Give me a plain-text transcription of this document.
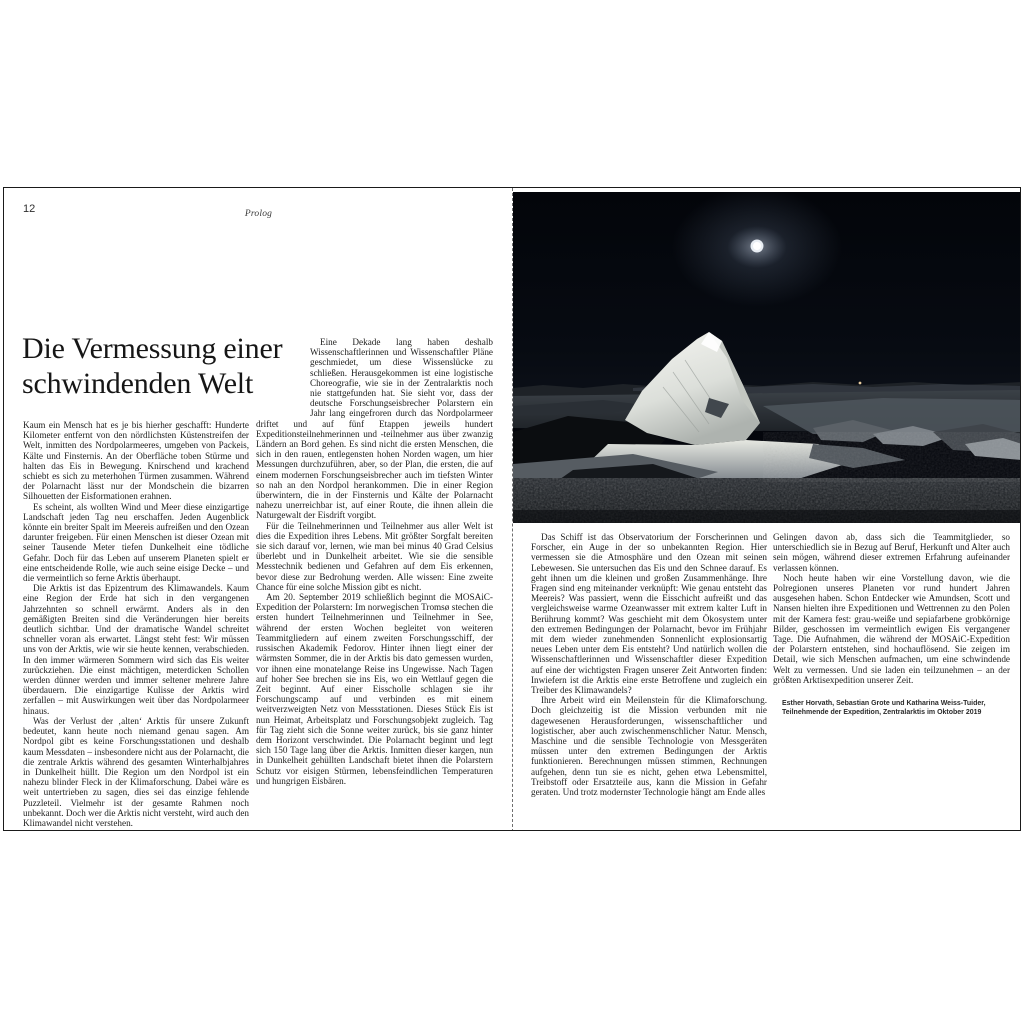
12	Prolog
Die Vermessung einer schwindenden Welt

Kaum ein Mensch hat es je bis hierher geschafft: Hunderte Kilometer entfernt von den nördlichsten Küstenstreifen der Welt, inmitten des Nordpolarmeeres, umgeben von Packeis, Kälte und Finsternis. An der Oberfläche toben Stürme und halten das Eis in Bewegung. Knirschend und krachend schiebt es sich zu meterhohen Türmen zusammen. Während der Polarnacht lässt nur der Mondschein die bizarren Silhouetten der Eisformationen erahnen.

Es scheint, als wollten Wind und Meer diese einzigartige Landschaft jeden Tag neu erschaffen. Jeden Augenblick könnte ein breiter Spalt im Meereis aufreißen und den Ozean darunter freigeben. Für einen Menschen ist dieser Ozean mit seiner Tausende Meter tiefen Dunkelheit eine tödliche Gefahr. Doch für das Leben auf unserem Planeten spielt er eine entscheidende Rolle, wie auch seine eisige Decke – und die vermeintlich so ferne Arktis überhaupt.

Die Arktis ist das Epizentrum des Klimawandels. Kaum eine Region der Erde hat sich in den vergangenen Jahrzehnten so schnell erwärmt. Anders als in den gemäßigten Breiten sind die Veränderungen hier bereits deutlich sichtbar. Und der dramatische Wandel schreitet schneller voran als erwartet. Längst steht fest: Wir müssen uns von der Arktis, wie wir sie heute kennen, verabschieden. In den immer wärmeren Sommern wird sich das Eis weiter zurückziehen. Die einst mächtigen, meterdicken Schollen werden dünner werden und immer seltener mehrere Jahre überdauern. Die einzigartige Kulisse der Arktis wird zerfallen – mit Auswirkungen weit über das Nordpolarmeer hinaus.

Was der Verlust der ‚alten‘ Arktis für unsere Zukunft bedeutet, kann heute noch niemand genau sagen. Am Nordpol gibt es keine Forschungsstationen und deshalb kaum Messdaten – insbesondere nicht aus der Polarnacht, die die zentrale Arktis während des gesamten Winterhalbjahres in Dunkelheit hüllt. Die Region um den Nordpol ist ein nahezu blinder Fleck in der Klimaforschung. Dabei wäre es weit untertrieben zu sagen, dies sei das einzige fehlende Puzzleteil. Vielmehr ist der gesamte Rahmen noch unbekannt. Doch wer die Arktis nicht versteht, wird auch den Klimawandel nicht verstehen.

Eine Dekade lang haben deshalb Wissenschaftlerinnen und Wissenschaftler Pläne geschmiedet, um diese Wissenslücke zu schließen. Herausgekommen ist eine logistische Choreografie, wie sie in der Zentralarktis noch nie stattgefunden hat. Sie sieht vor, dass der deutsche Forschungseisbrecher Polarstern ein Jahr lang eingefroren durch das Nordpolarmeer driftet und auf fünf Etappen jeweils hundert Expeditionsteilnehmerinnen und -teilnehmer aus über zwanzig Ländern an Bord gehen. Es sind nicht die ersten Menschen, die sich in den rauen, entlegensten hohen Norden wagen, um hier Messungen durchzuführen, aber, so der Plan, die ersten, die auf einem modernen Forschungseisbrecher auch im tiefsten Winter so nah an den Nordpol herankommen. Die in einer Region überwintern, die in der Finsternis und Kälte der Polarnacht nahezu unerreichbar ist, auf einer Route, die ihnen allein die Naturgewalt der Eisdrift vorgibt.

Für die Teilnehmerinnen und Teilnehmer aus aller Welt ist dies die Expedition ihres Lebens. Mit größter Sorgfalt bereiten sie sich darauf vor, lernen, wie man bei minus 40 Grad Celsius überlebt und in Dunkelheit arbeitet. Wie sie die sensible Messtechnik bedienen und Gefahren auf dem Eis erkennen, bevor diese zur Bedrohung werden. Alle wissen: Eine zweite Chance für eine solche Mission gibt es nicht.

Am 20. September 2019 schließlich beginnt die MOSAiC-Expedition der Polarstern: Im norwegischen Tromsø stechen die ersten hundert Teilnehmerinnen und Teilnehmer in See, während der ersten Wochen begleitet von weiteren Teammitgliedern auf einem zweiten Forschungsschiff, der russischen Akademik Fedorov. Hinter ihnen liegt einer der wärmsten Sommer, die in der Arktis bis dato gemessen wurden, vor ihnen eine monatelange Reise ins Ungewisse. Nach Tagen auf hoher See brechen sie ins Eis, wo ein Wettlauf gegen die Zeit beginnt. Auf einer Eisscholle schlagen sie ihr Forschungscamp auf und verbinden es mit einem weitverzweigten Netz von Messstationen. Dieses Stück Eis ist nun Heimat, Arbeitsplatz und Forschungsobjekt zugleich. Tag für Tag zieht sich die Sonne weiter zurück, bis sie ganz hinter dem Horizont verschwindet. Die Polarnacht beginnt und legt sich 150 Tage lang über die Arktis. Inmitten dieser kargen, nun in Dunkelheit gehüllten Landschaft bietet ihnen die Polarstern Schutz vor eisigen Stürmen, lebensfeindlichen Temperaturen und hungrigen Eisbären.

Das Schiff ist das Observatorium der Forscherinnen und Forscher, ein Auge in der so unbekannten Region. Hier vermessen sie die Atmosphäre und den Ozean mit seinen Lebewesen. Sie untersuchen das Eis und den Schnee darauf. Es geht ihnen um die kleinen und großen Zusammenhänge. Ihre Fragen sind eng miteinander verknüpft: Wie genau entsteht das Meereis? Was passiert, wenn die Eisschicht aufreißt und das vergleichsweise warme Ozeanwasser mit extrem kalter Luft in Berührung kommt? Was geschieht mit dem Ökosystem unter den extremen Bedingungen der Polarnacht, bevor im Frühjahr mit dem wieder zunehmenden Sonnenlicht explosionsartig neues Leben unter dem Eis entsteht? Und natürlich wollen die Wissenschaftlerinnen und Wissenschaftler dieser Expedition auf eine der wichtigsten Fragen unserer Zeit Antworten finden: Inwiefern ist die Arktis eine erste Betroffene und zugleich ein Treiber des Klimawandels?

Ihre Arbeit wird ein Meilenstein für die Klimaforschung. Doch gleichzeitig ist die Mission verbunden mit nie dagewesenen Herausforderungen, wissenschaftlicher und logistischer, aber auch zwischenmenschlicher Natur. Mensch, Maschine und die sensible Technologie von Messgeräten müssen unter den extremen Bedingungen der Arktis funktionieren. Berechnungen müssen stimmen, Rechnungen aufgehen, denn tun sie es nicht, gehen etwa Lebensmittel, Treibstoff oder Ersatzteile aus, kann die Mission in Gefahr geraten. Und trotz modernster Technologie hängt am Ende alles

Gelingen davon ab, dass sich die Teammitglieder, so unterschiedlich sie in Bezug auf Beruf, Herkunft und Alter auch sein mögen, während dieser extremen Erfahrung aufeinander verlassen können.

Noch heute haben wir eine Vorstellung davon, wie die Polregionen unseres Planeten vor rund hundert Jahren ausgesehen haben. Schon Entdecker wie Amundsen, Scott und Nansen hielten ihre Expeditionen und Wettrennen zu den Polen mit der Kamera fest: grau-weiße und sepiafarbene grobkörnige Bilder, geschossen im vermeintlich ewigen Eis vergangener Tage. Die Aufnahmen, die während der MOSAiC-Expedition der Polarstern entstehen, sind hochauflösend. Sie zeigen im Detail, wie sich Menschen aufmachen, um eine schwindende Welt zu vermessen. Und sie laden ein teilzunehmen – an der größten Arktisexpedition unserer Zeit.

Esther Horvath, Sebastian Grote und Katharina Weiss-Tuider,
Teilnehmende der Expedition, Zentralarktis im Oktober 2019
